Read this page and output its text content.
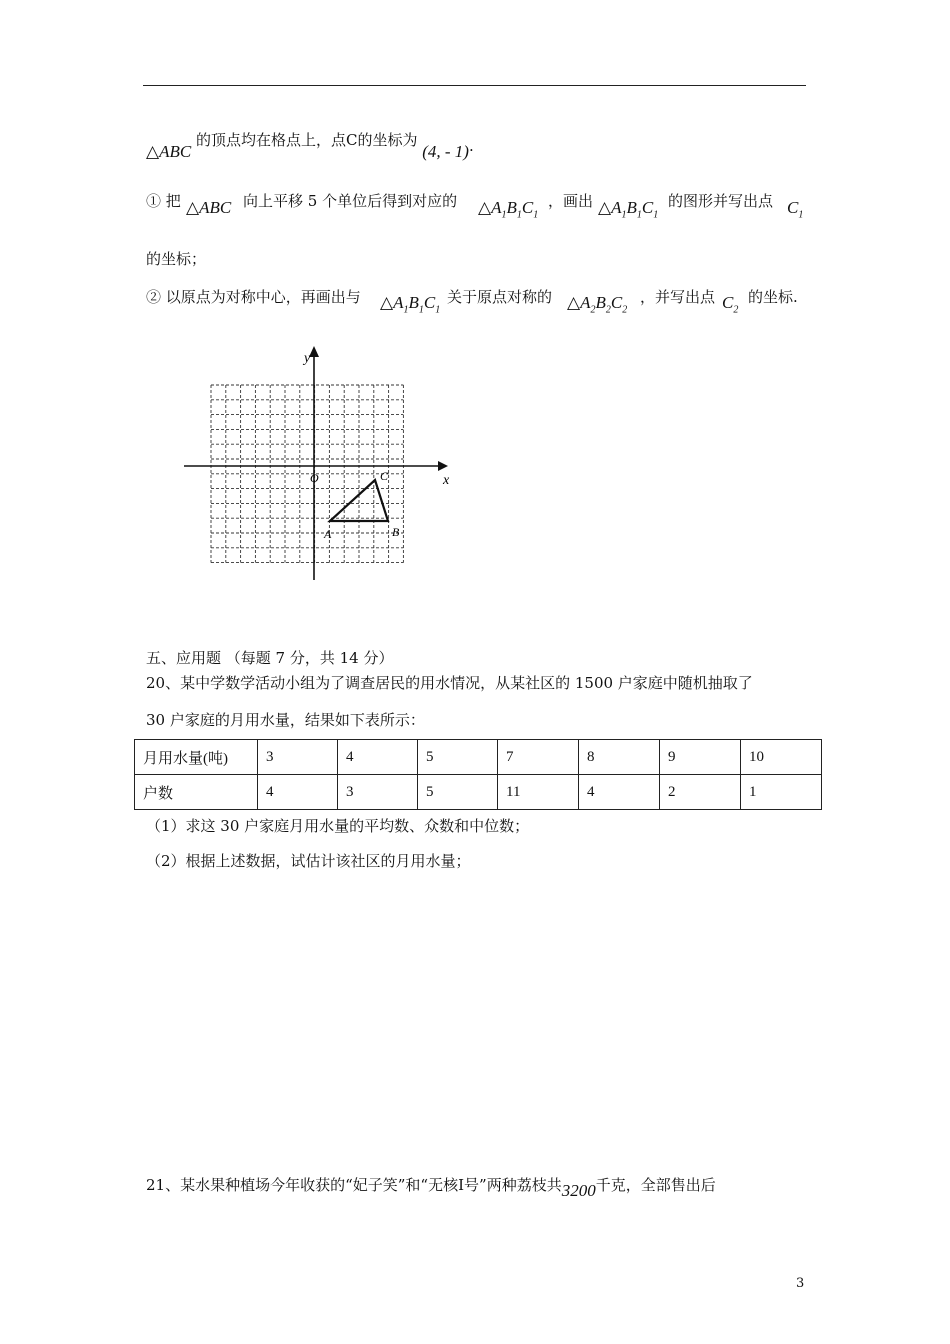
△ABC 的顶点均在格点上，点C的坐标为 (4, - 1).
① 把 △ABC 向上平移 5 个单位后得到对应的 $\triangle A_1B_1C_1$
，画出 $\triangle A_1B_1C_1$
的图形并写出点 $C_1$
的坐标；
② 以原点为对称中心，再画出与 $\triangle A_1B_1C_1$
关于原点对称的 $\triangle A_2B_2C_2$
，并写出点 $C_2$
的坐标.
y
x
O	C
B
A
五、应用题 （每题 7 分，共 14 分）
20、某中学数学活动小组为了调查居民的用水情况，从某社区的 1500 户家庭中随机抽取了
30 户家庭的月用水量，结果如下表所示：
月用水量(吨)	3	4	5	7	8	9	10
户数	4	3	5	11	4	2	1
（1）求这 30 户家庭月用水量的平均数、众数和中位数；
（2）根据上述数据，试估计该社区的月用水量；
21、某水果种植场今年收获的“妃子笑”和“无核Ⅰ号”两种荔枝共3200千克，全部售出后
3
